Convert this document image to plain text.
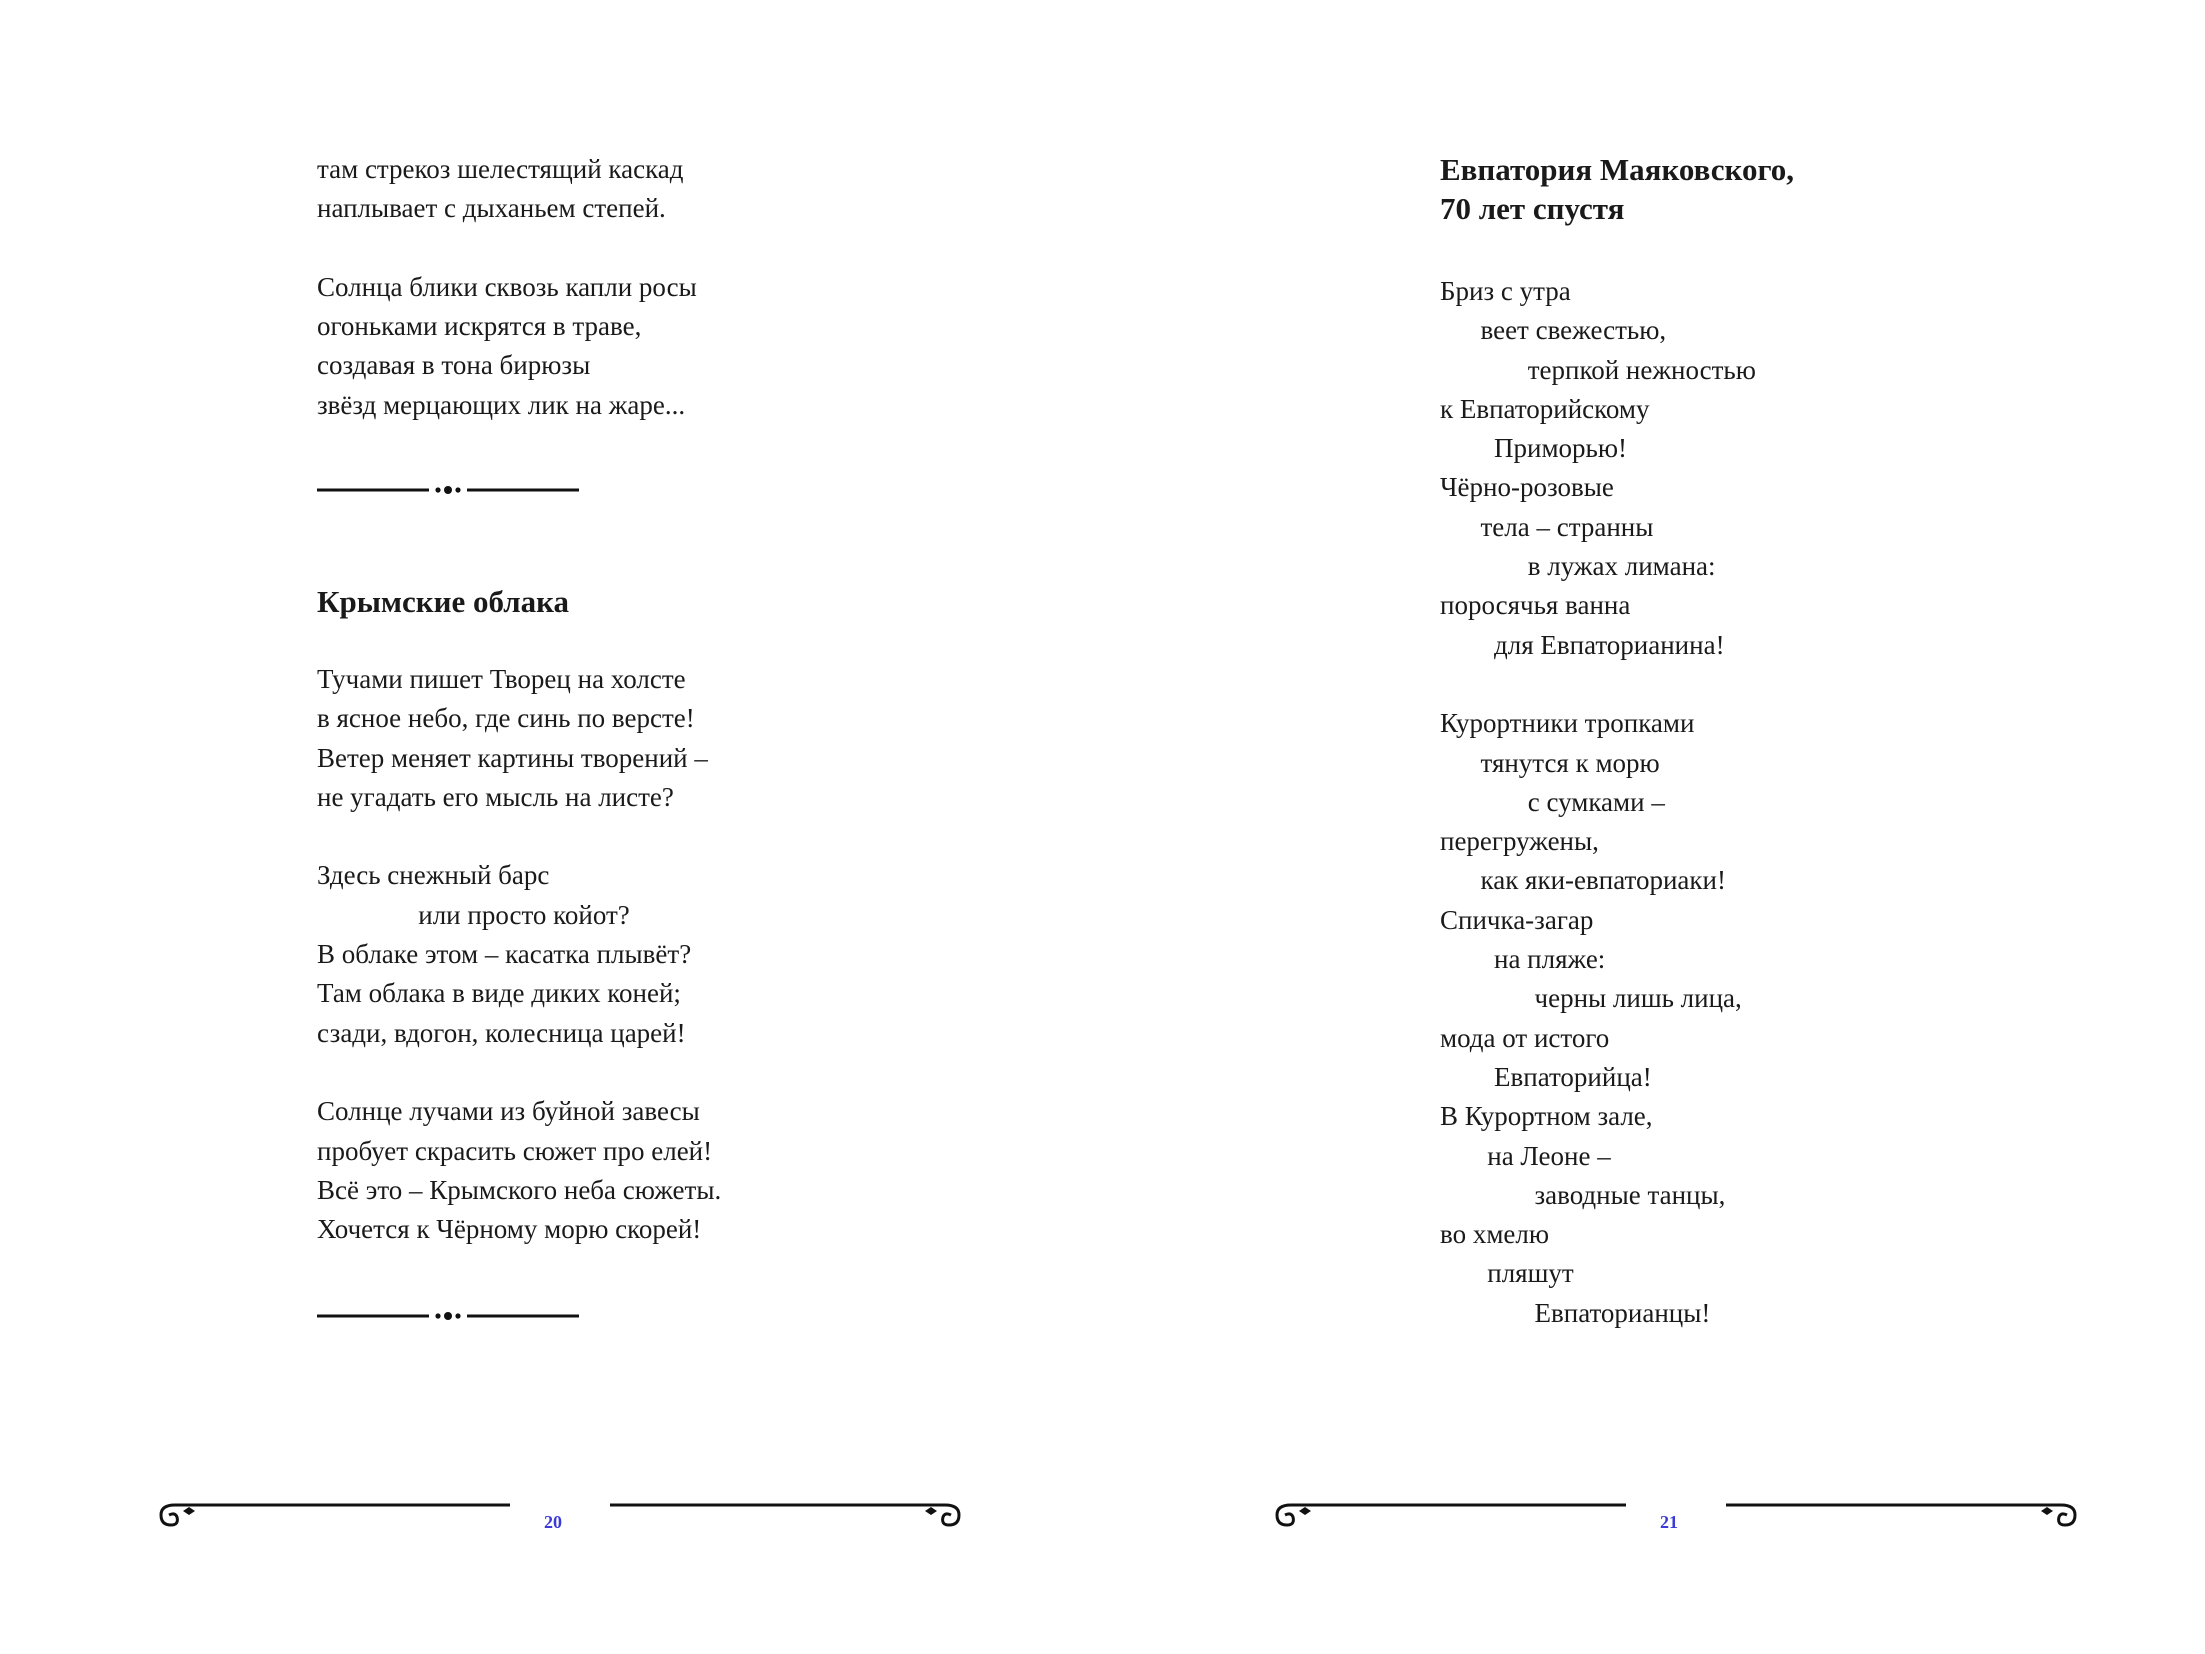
там стрекоз шелестящий каскад
наплывает с дыханьем степей.
Солнца блики сквозь капли росы
огоньками искрятся в траве,
создавая в тона бирюзы
звёзд мерцающих лик на жаре...
Крымские облака
Тучами пишет Творец на холсте
в ясное небо, где синь по версте!
Ветер меняет картины творений –
не угадать его мысль на листе?
Здесь снежный барс
или просто койот?
В облаке этом – касатка плывёт?
Там облака в виде диких коней;
сзади, вдогон, колесница царей!
Солнце лучами из буйной завесы
пробует скрасить сюжет про елей!
Всё это – Крымского неба сюжеты.
Хочется к Чёрному морю скорей!
20
Евпатория Маяковского,
70 лет спустя
Бриз с утра
веет свежестью,
терпкой нежностью
к Евпаторийскому
Приморью!
Чёрно-розовые
тела – странны
в лужах лимана:
поросячья ванна
для Евпаторианина!
Курортники тропками
тянутся к морю
с сумками –
перегружены,
как яки-евпаториаки!
Спичка-загар
на пляже:
черны лишь лица,
мода от истого
Евпаторийца!
В Курортном зале,
на Леоне –
заводные танцы,
во хмелю
пляшут
Евпаторианцы!
21
